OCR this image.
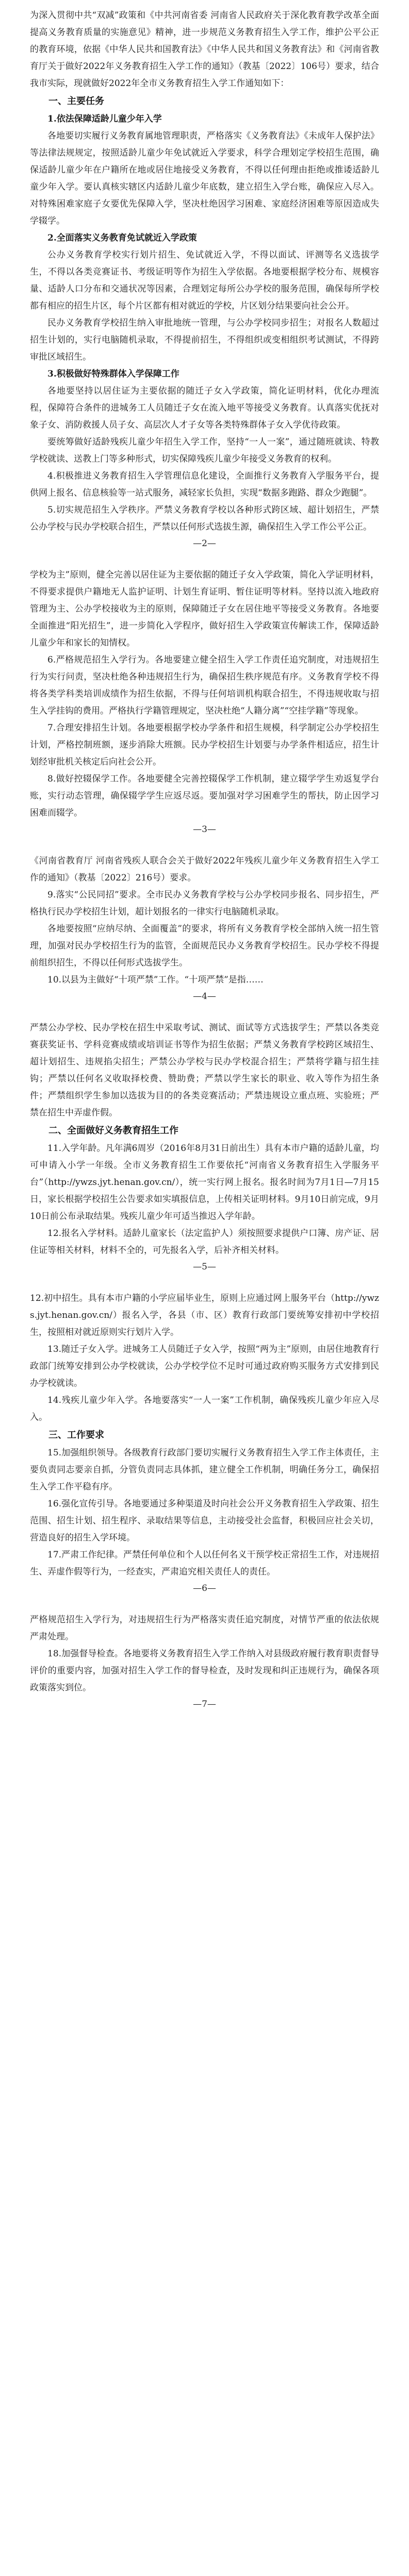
为深入贯彻中共“双减”政策和《中共河南省委 河南省人民政府关于深化教育教学改革全面提高义务教育质量的实施意见》精神，进一步规范义务教育招生入学工作，维护公平公正的教育环境，依据《中华人民共和国教育法》《中华人民共和国义务教育法》和《河南省教育厅关于做好2022年义务教育招生入学工作的通知》（教基〔2022〕106号）要求，结合我市实际，现就做好2022年全市义务教育招生入学工作通知如下：

一、主要任务

1.依法保障适龄儿童少年入学

各地要切实履行义务教育属地管理职责，严格落实《义务教育法》《未成年人保护法》等法律法规规定，按照适龄儿童少年免试就近入学要求，科学合理划定学校招生范围，确保适龄儿童少年在户籍所在地或居住地接受义务教育，不得以任何理由拒绝或推诿适龄儿童少年入学。要认真核实辖区内适龄儿童少年底数，建立招生入学台账，确保应入尽入。对特殊困难家庭子女要优先保障入学，坚决杜绝因学习困难、家庭经济困难等原因造成失学辍学。

2.全面落实义务教育免试就近入学政策

公办义务教育学校实行划片招生、免试就近入学，不得以面试、评测等名义选拔学生，不得以各类竞赛证书、考级证明等作为招生入学依据。各地要根据学校分布、规模容量、适龄人口分布和交通状况等因素，合理划定每所公办学校的服务范围，确保每所学校都有相应的招生片区，每个片区都有相对就近的学校，片区划分结果要向社会公开。

民办义务教育学校招生纳入审批地统一管理，与公办学校同步招生；对报名人数超过招生计划的，实行电脑随机录取，不得提前招生，不得组织或变相组织考试测试，不得跨审批区域招生。

3.积极做好特殊群体入学保障工作

各地要坚持以居住证为主要依据的随迁子女入学政策，简化证明材料，优化办理流程，保障符合条件的进城务工人员随迁子女在流入地平等接受义务教育。认真落实优抚对象子女、消防救援人员子女、高层次人才子女等各类特殊群体子女入学优待政策。

要统筹做好适龄残疾儿童少年招生入学工作，坚持“一人一案”，通过随班就读、特教学校就读、送教上门等多种形式，切实保障残疾儿童少年接受义务教育的权利。

4.积极推进义务教育招生入学管理信息化建设，全面推行义务教育入学服务平台，提供网上报名、信息核验等一站式服务，减轻家长负担，实现“数据多跑路、群众少跑腿”。

5.切实规范招生入学秩序。严禁义务教育学校以各种形式跨区域、超计划招生，严禁公办学校与民办学校联合招生，严禁以任何形式选拔生源，确保招生入学工作公平公正。

—2—

学校为主”原则，健全完善以居住证为主要依据的随迁子女入学政策，简化入学证明材料，不得要求提供户籍地无人监护证明、计划生育证明、暂住证明等材料。坚持以流入地政府管理为主、公办学校接收为主的原则，保障随迁子女在居住地平等接受义务教育。各地要全面推进“阳光招生”，进一步简化入学程序，做好招生入学政策宣传解读工作，保障适龄儿童少年和家长的知情权。

6.严格规范招生入学行为。各地要建立健全招生入学工作责任追究制度，对违规招生行为实行问责，坚决杜绝各种违规招生行为，确保招生秩序规范有序。义务教育学校不得将各类学科类培训成绩作为招生依据，不得与任何培训机构联合招生，不得违规收取与招生入学挂钩的费用。严格执行学籍管理规定，坚决杜绝“人籍分离”“空挂学籍”等现象。

7.合理安排招生计划。各地要根据学校办学条件和招生规模，科学制定公办学校招生计划，严格控制班额，逐步消除大班额。民办学校招生计划要与办学条件相适应，招生计划经审批机关核定后向社会公开。

8.做好控辍保学工作。各地要健全完善控辍保学工作机制，建立辍学学生劝返复学台账，实行动态管理，确保辍学学生应返尽返。要加强对学习困难学生的帮扶，防止因学习困难而辍学。

—3—

《河南省教育厅 河南省残疾人联合会关于做好2022年残疾儿童少年义务教育招生入学工作的通知》（教基〔2022〕216号）要求。

9.落实“公民同招”要求。全市民办义务教育学校与公办学校同步报名、同步招生，严格执行民办学校招生计划，超计划报名的一律实行电脑随机录取。

各地要按照“应纳尽纳、全面覆盖”的要求，将所有义务教育学校全部纳入统一招生管理，加强对民办学校招生行为的监管，全面规范民办义务教育学校招生。民办学校不得提前组织招生，不得以任何形式选拔学生。

10.以县为主做好“十项严禁”工作。“十项严禁”是指……

—4—

严禁公办学校、民办学校在招生中采取考试、测试、面试等方式选拔学生；严禁以各类竞赛获奖证书、学科竞赛成绩或培训证书等作为招生依据；严禁义务教育学校跨区域招生、超计划招生、违规掐尖招生；严禁公办学校与民办学校混合招生；严禁将学籍与招生挂钩；严禁以任何名义收取择校费、赞助费；严禁以学生家长的职业、收入等作为招生条件；严禁组织学生参加以选拔为目的的各类竞赛活动；严禁违规设立重点班、实验班；严禁在招生中弄虚作假。

二、全面做好义务教育招生工作

11.入学年龄。凡年满6周岁（2016年8月31日前出生）具有本市户籍的适龄儿童，均可申请入小学一年级。全市义务教育招生工作要依托“河南省义务教育招生入学服务平台”（http://ywzs.jyt.henan.gov.cn/），统一实行网上报名。报名时间为7月1日—7月15日，家长根据学校招生公告要求如实填报信息，上传相关证明材料。9月10日前完成，9月10日前公布录取结果。残疾儿童少年可适当推迟入学年龄。

12.报名入学材料。适龄儿童家长（法定监护人）须按照要求提供户口簿、房产证、居住证等相关材料，材料不全的，可先报名入学，后补齐相关材料。

—5—

12.初中招生。具有本市户籍的小学应届毕业生，原则上应通过网上服务平台（http://ywzs.jyt.henan.gov.cn/）报名入学，各县（市、区）教育行政部门要统筹安排初中学校招生，按照相对就近原则实行划片入学。

13.随迁子女入学。进城务工人员随迁子女入学，按照“两为主”原则，由居住地教育行政部门统筹安排到公办学校就读，公办学校学位不足时可通过政府购买服务方式安排到民办学校就读。

14.残疾儿童少年入学。各地要落实“一人一案”工作机制，确保残疾儿童少年应入尽入。

三、工作要求

15.加强组织领导。各级教育行政部门要切实履行义务教育招生入学工作主体责任，主要负责同志要亲自抓，分管负责同志具体抓，建立健全工作机制，明确任务分工，确保招生入学工作平稳有序。

16.强化宣传引导。各地要通过多种渠道及时向社会公开义务教育招生入学政策、招生范围、招生计划、招生程序、录取结果等信息，主动接受社会监督，积极回应社会关切，营造良好的招生入学环境。

17.严肃工作纪律。严禁任何单位和个人以任何名义干预学校正常招生工作，对违规招生、弄虚作假等行为，一经查实，严肃追究相关责任人的责任。

—6—

严格规范招生入学行为，对违规招生行为严格落实责任追究制度，对情节严重的依法依规严肃处理。

18.加强督导检查。各地要将义务教育招生入学工作纳入对县级政府履行教育职责督导评价的重要内容，加强对招生入学工作的督导检查，及时发现和纠正违规行为，确保各项政策落实到位。

—7—
